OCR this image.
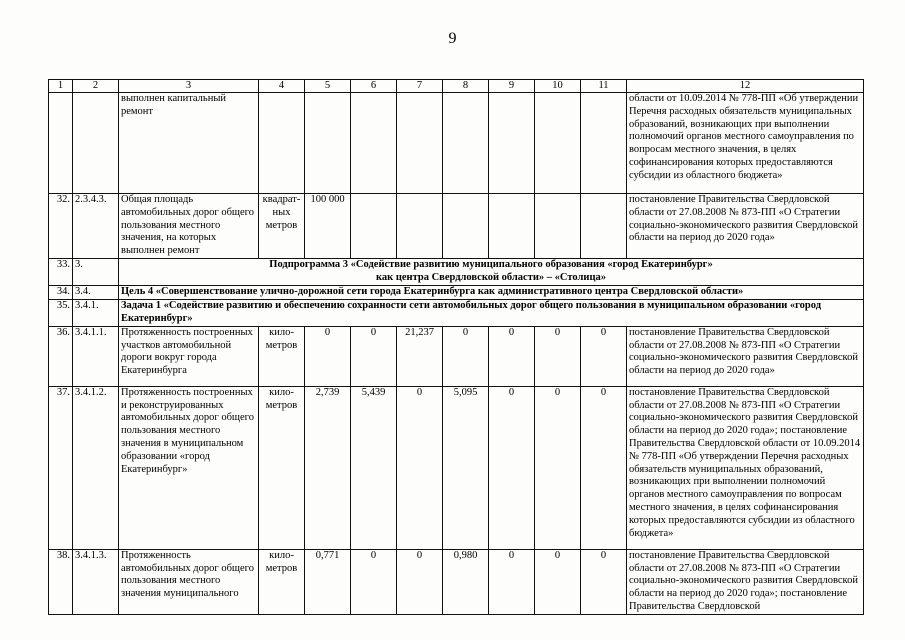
9
1	2	3	4	5	6	7	8	9	10	11	12
		выполнен капитальный ремонт									области от 10.09.2014 № 778-ПП «Об утверждении Перечня расходных обязательств муниципальных образований, возникающих при выполнении полномочий органов местного самоуправления по вопросам местного значения, в целях софинансирования которых предоставляются субсидии из областного бюджета»
32.	2.3.4.3.	Общая площадь автомобильных дорог общего пользования местного значения, на которых выполнен ремонт	квадрат-ных метров	100 000							постановление Правительства Свердловской области от 27.08.2008 № 873-ПП «О Стратегии социально-экономического развития Свердловской области на период до 2020 года»
33.	3.	Подпрограмма 3 «Содействие развитию муниципального образования «город Екатеринбург»
как центра Свердловской области» – «Столица»									

34.	3.4.	Цель 4 «Совершенствование улично-дорожной сети города Екатеринбурга как административного центра Свердловской области»									
35.	3.4.1.	Задача 1 «Содействие развитию и обеспечению сохранности сети автомобильных дорог общего пользования в муниципальном образовании «город Екатеринбург»									
36.	3.4.1.1.	Протяженность построенных участков автомобильной дороги вокруг города Екатеринбурга	кило-метров	0	0	21,237	0	0	0	0	постановление Правительства Свердловской области от 27.08.2008 № 873-ПП «О Стратегии социально-экономического развития Свердловской области на период до 2020 года»
37.	3.4.1.2.	Протяженность построенных и реконструированных автомобильных дорог общего пользования местного значения в муниципальном образовании «город Екатеринбург»	кило-метров	2,739	5,439	0	5,095	0	0	0	постановление Правительства Свердловской области от 27.08.2008 № 873-ПП «О Стратегии социально-экономического развития Свердловской области на период до 2020 года»; постановление Правительства Свердловской области от 10.09.2014 № 778-ПП «Об утверждении Перечня расходных обязательств муниципальных образований, возникающих при выполнении полномочий органов местного самоуправления по вопросам местного значения, в целях софинансирования которых предоставляются субсидии из областного бюджета»
38.	3.4.1.3.	Протяженность автомобильных дорог общего пользования местного значения муниципального	кило-метров	0,771	0	0	0,980	0	0	0	постановление Правительства Свердловской области от 27.08.2008 № 873-ПП «О Стратегии социально-экономического развития Свердловской области на период до 2020 года»; постановление Правительства Свердловской
